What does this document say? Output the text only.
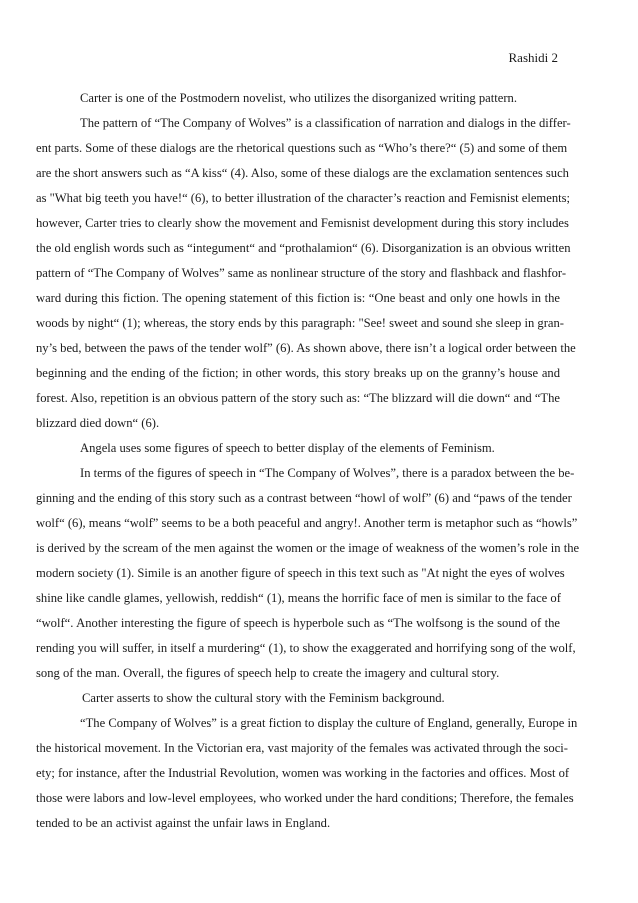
Rashidi 2
Carter is one of the Postmodern novelist, who utilizes the disorganized writing pattern.
The pattern of “The Company of Wolves” is a classification of narration and dialogs in the differ-
ent parts. Some of these dialogs are the rhetorical questions such as “Who’s there?“ (5) and some of them
are the short answers such as “A kiss“ (4). Also, some of these dialogs are the exclamation sentences such
as "What big teeth you have!“ (6), to better illustration of the character’s reaction and Femisnist elements;
however, Carter tries to clearly show the movement and Femisnist development during this story includes
the old english words such as “integument“ and “prothalamion“ (6). Disorganization is an obvious written
pattern of “The Company of Wolves” same as nonlinear structure of the story and flashback and flashfor-
ward during this fiction. The opening statement of this fiction is: “One beast and only one howls in the
woods by night“ (1); whereas, the story ends by this paragraph: "See! sweet and sound she sleep in gran-
ny’s bed, between the paws of the tender wolf” (6). As shown above, there isn’t a logical order between the
beginning and the ending of the fiction; in other words, this story breaks up on the granny’s house and
forest. Also, repetition is an obvious pattern of the story such as: “The blizzard will die down“ and “The
blizzard died down“ (6).
Angela uses some figures of speech to better display of the elements of Feminism.
In terms of the figures of speech in “The Company of Wolves”, there is a paradox between the be-
ginning and the ending of this story such as a contrast between “howl of wolf” (6) and “paws of the tender
wolf“ (6), means “wolf” seems to be a both peaceful and angry!. Another term is metaphor such as “howls”
is derived by the scream of the men against the women or the image of weakness of the women’s role in the
modern society (1). Simile is an another figure of speech in this text such as "At night the eyes of wolves
shine like candle glames, yellowish, reddish“ (1), means the horrific face of men is similar to the face of
“wolf“. Another interesting the figure of speech is hyperbole such as “The wolfsong is the sound of the
rending you will suffer, in itself a murdering“ (1), to show the exaggerated and horrifying song of the wolf,
song of the man. Overall, the figures of speech help to create the imagery and cultural story.
Carter asserts to show the cultural story with the Feminism background.
“The Company of Wolves” is a great fiction to display the culture of England, generally, Europe in
the historical movement. In the Victorian era, vast majority of the females was activated through the soci-
ety; for instance, after the Industrial Revolution, women was working in the factories and offices. Most of
those were labors and low-level employees, who worked under the hard conditions; Therefore, the females
tended to be an activist against the unfair laws in England.
